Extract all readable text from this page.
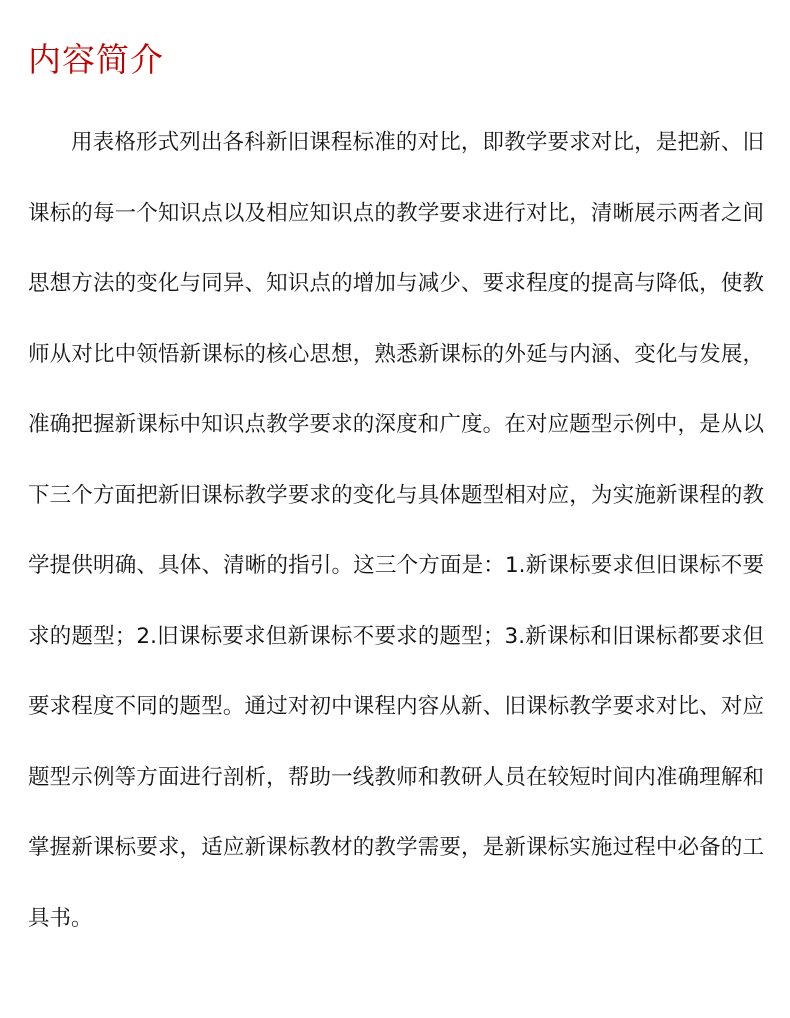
内容简介

用表格形式列出各科新旧课程标准的对比，即教学要求对比，是把新、旧课标的每一个知识点以及相应知识点的教学要求进行对比，清晰展示两者之间思想方法的变化与同异、知识点的增加与减少、要求程度的提高与降低，使教师从对比中领悟新课标的核心思想，熟悉新课标的外延与内涵、变化与发展，准确把握新课标中知识点教学要求的深度和广度。在对应题型示例中，是从以下三个方面把新旧课标教学要求的变化与具体题型相对应，为实施新课程的教学提供明确、具体、清晰的指引。这三个方面是：1.新课标要求但旧课标不要求的题型；2.旧课标要求但新课标不要求的题型；3.新课标和旧课标都要求但要求程度不同的题型。通过对初中课程内容从新、旧课标教学要求对比、对应题型示例等方面进行剖析，帮助一线教师和教研人员在较短时间内准确理解和掌握新课标要求，适应新课标教材的教学需要，是新课标实施过程中必备的工具书。
